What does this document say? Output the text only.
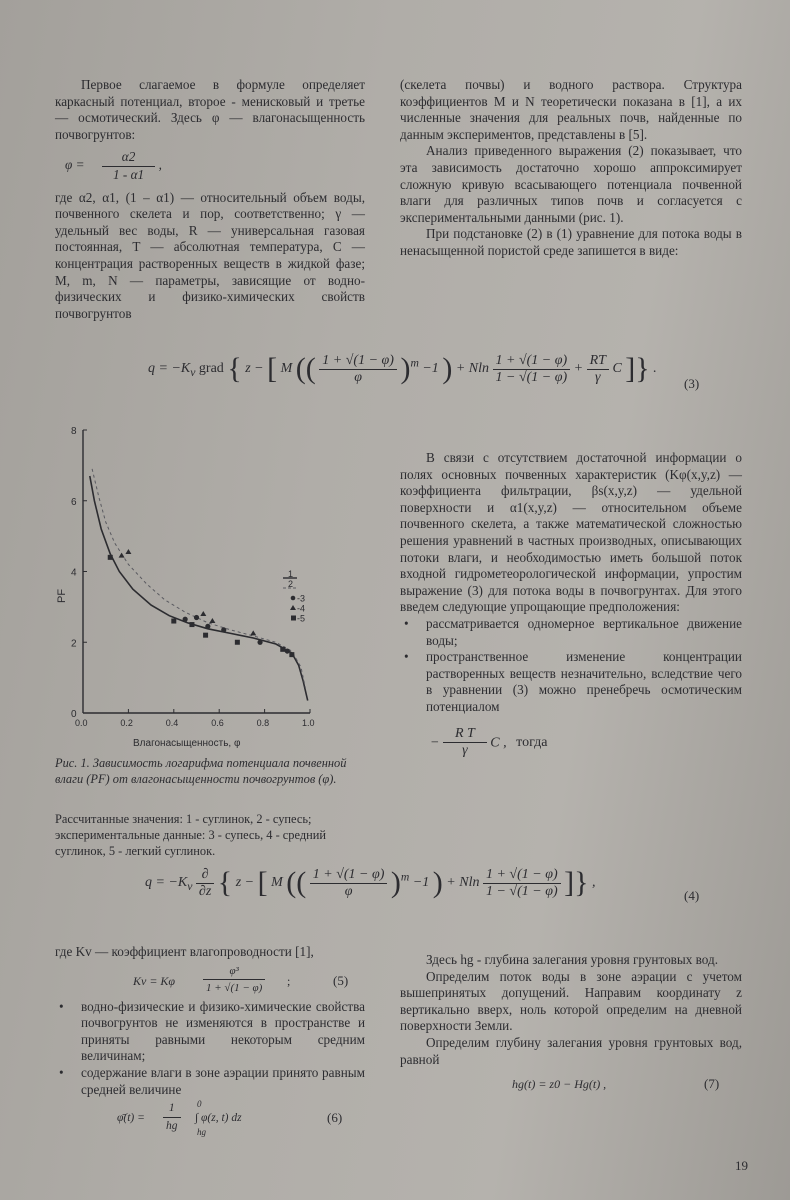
Первое слагаемое в формуле определяет каркасный потенциал, второе - менисковый и третье — осмотический. Здесь φ — влагонасыщенность почвогрунтов:

$\varphi = \frac{\alpha 2}{1 - \alpha 1}$ ,

где α2, α1, (1 – α1) — относительный объем воды, почвенного скелета и пор, соответственно; γ — удельный вес воды, R — универсальная газовая постоянная, T — абсолютная температура, C — концентрация растворенных веществ в жидкой фазе; M, m, N — параметры, зависящие от водно-физических и физико-химических свойств почвогрунтов

(скелета почвы) и водного раствора. Структура коэффициентов M и N теоретически показана в [1], а их численные значения для реальных почв, найденные по данным экспериментов, представлены в [5].

Анализ приведенного выражения (2) показывает, что эта зависимость достаточно хорошо аппроксимирует сложную кривую всасывающего потенциала почвенной влаги для различных типов почв и согласуется с экспериментальными данными (рис. 1).

При подстановке (2) в (1) уравнение для потока воды в ненасыщенной пористой среде запишется в виде:

$q = -K_v$ grad { z − [ M (( $\frac{1 + √(1 - \varphi)}{\varphi} )^m -1$ ) + Nln $\frac{1 + √(1 - \varphi)}{1 - √(1 - \varphi)} + \frac{RT}{\gamma}$ C ]} .
(3)
0.0	0.2	0.4	0.6	0.8	1.0
0
2
4
6
8
1
2
-3
-4
-5
PF
Влагонасыщенность, φ
Рис. 1. Зависимость логарифма потенциала почвенной влаги (PF) от влагонасыщенности почвогрунтов (φ).
Рассчитанные значения: 1 - суглинок, 2 - супесь; экспериментальные данные: 3 - супесь, 4 - средний суглинок, 5 - легкий суглинок.

В связи с отсутствием достаточной информации о полях основных почвенных характеристик (Kφ(x,y,z) — коэффициента фильтрации, βs(x,y,z) — удельной поверхности и α1(x,y,z) — относительном объеме почвенного скелета, а также математической сложностью решения уравнений в частных производных, описывающих потоки влаги, и необходимостью иметь большой поток входной гидрометеорологической информации, упростим выражение (3) для потока воды в почвогрунтах. Для этого введем следующие упрощающие предположения:

• рассматривается одномерное вертикальное движение воды;

• пространственное изменение концентрации растворенных веществ незначительно, вследствие чего в уравнении (3) можно пренебречь осмотическим потенциалом

− $\frac{\text{R T}}{\gamma}$ C , тогда
$q = -K_v \frac{\partial}{\partial z}$ { z − [ M (( $\frac{1 + √(1 - \varphi)}{\varphi} )^m -1$ ) + Nln $\frac{1 + √(1 - \varphi)}{1 - √(1 - \varphi)}$ ]} ,
(4)

где Kv — коэффициент влагопроводности [1],

Kv = Kφ	$\frac{\text{φ³}}{1 + √(1 - \varphi)}$ ;	(5)

• водно-физические и физико-химические свойства почвогрунтов не изменяются в пространстве и приняты равными некоторым средним величинам;

• содержание влаги в зоне аэрации принято равным средней величине

φ̄(t) = $\frac{1}{hg} 0$
hg
∫ φ(z, t) dz	(6)

Здесь hg - глубина залегания уровня грунтовых вод.

Определим поток воды в зоне аэрации с учетом вышепринятых допущений. Направим координату z вертикально вверх, ноль которой определим на дневной поверхности Земли.

Определим глубину залегания уровня грунтовых вод, равной

hg(t) = z0 − Hg(t) ,	(7)
19
